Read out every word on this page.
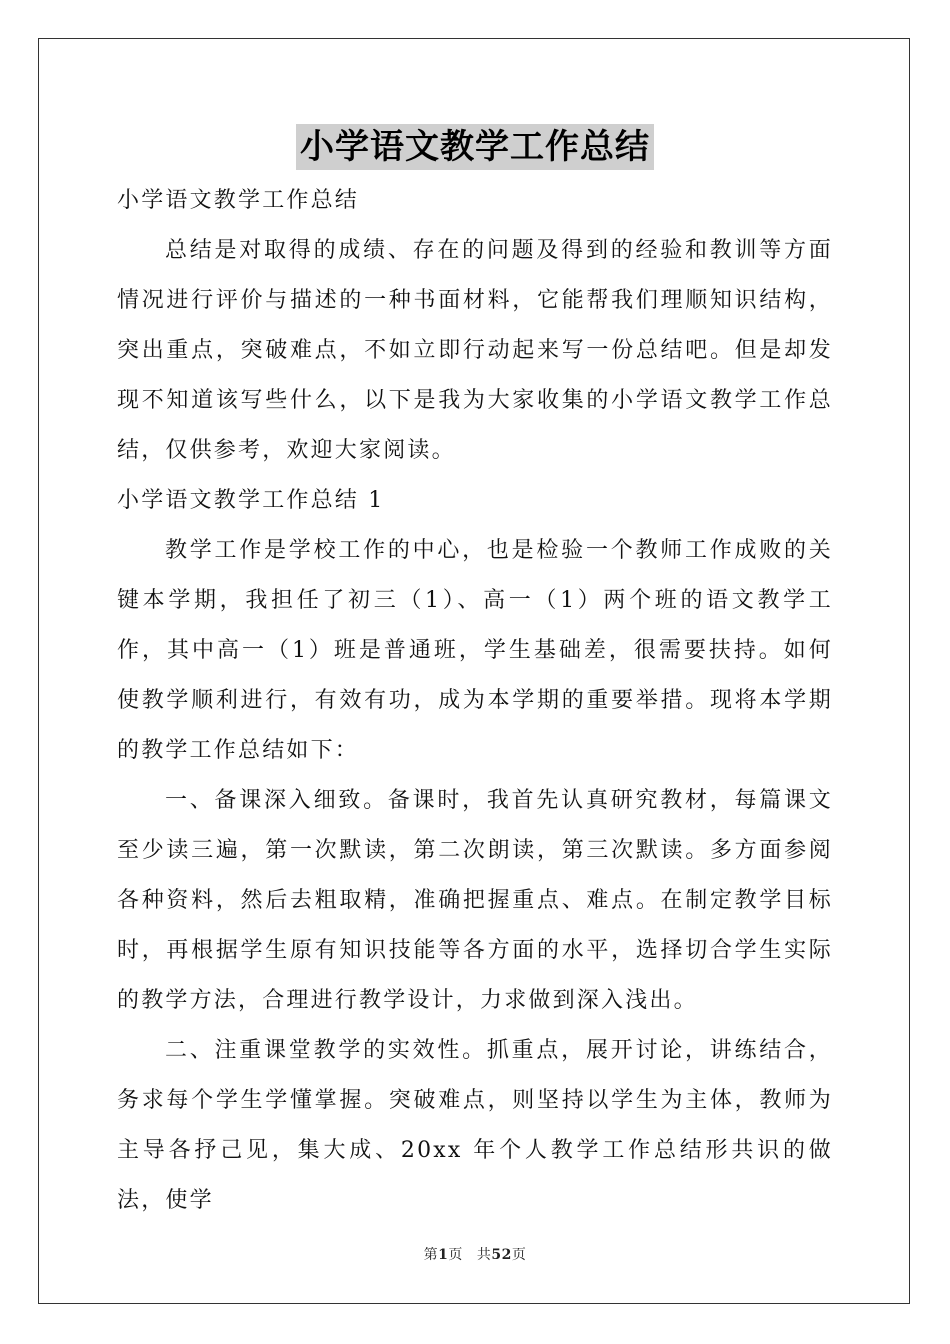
小学语文教学工作总结

小学语文教学工作总结

总结是对取得的成绩、存在的问题及得到的经验和教训等方面情况进行评价与描述的一种书面材料，它能帮我们理顺知识结构，突出重点，突破难点，不如立即行动起来写一份总结吧。但是却发现不知道该写些什么，以下是我为大家收集的小学语文教学工作总结，仅供参考，欢迎大家阅读。

小学语文教学工作总结 1

教学工作是学校工作的中心，也是检验一个教师工作成败的关键本学期，我担任了初三（1）、高一（1）两个班的语文教学工作，其中高一（1）班是普通班，学生基础差，很需要扶持。如何使教学顺利进行，有效有功，成为本学期的重要举措。现将本学期的教学工作总结如下：

一、备课深入细致。备课时，我首先认真研究教材，每篇课文至少读三遍，第一次默读，第二次朗读，第三次默读。多方面参阅各种资料，然后去粗取精，准确把握重点、难点。在制定教学目标时，再根据学生原有知识技能等各方面的水平，选择切合学生实际的教学方法，合理进行教学设计，力求做到深入浅出。

二、注重课堂教学的实效性。抓重点，展开讨论，讲练结合，务求每个学生学懂掌握。突破难点，则坚持以学生为主体，教师为主导各抒己见，集大成、20xx 年个人教学工作总结形共识的做法，使学

第1页 共52页
